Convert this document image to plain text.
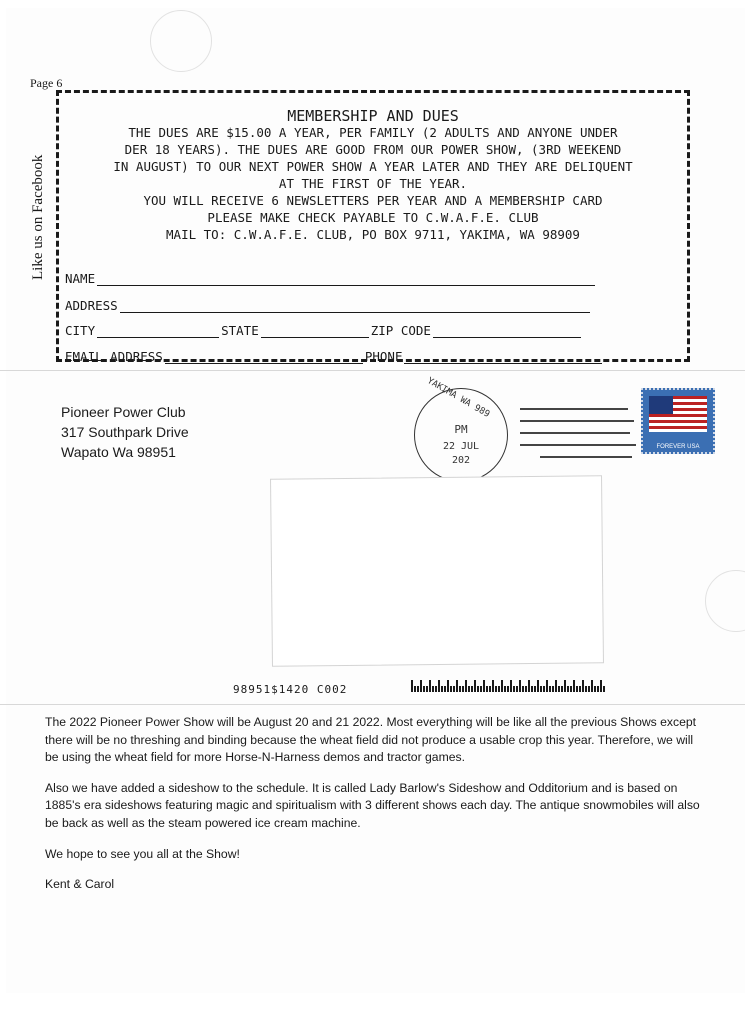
Page 6
Like us on Facebook
MEMBERSHIP AND DUES
THE DUES ARE $15.00 A YEAR, PER FAMILY (2 ADULTS AND ANYONE UNDER
DER 18 YEARS). THE DUES ARE GOOD FROM OUR POWER SHOW, (3RD WEEKEND
IN AUGUST) TO OUR NEXT POWER SHOW A YEAR LATER AND THEY ARE DELIQUENT
AT THE FIRST OF THE YEAR.
YOU WILL RECEIVE 6 NEWSLETTERS PER YEAR AND A MEMBERSHIP CARD
PLEASE MAKE CHECK PAYABLE TO C.W.A.F.E. CLUB
MAIL TO: C.W.A.F.E. CLUB, PO BOX 9711, YAKIMA, WA 98909
NAME
ADDRESS
CITY	STATE	ZIP CODE
EMAIL ADDRESS	PHONE
Pioneer Power Club
317 Southpark Drive
Wapato Wa 98951
YAKIMA WA 989
PM
22 JUL
202
FOREVER USA
98951$1420 C002

The 2022 Pioneer Power Show will be August 20 and 21 2022. Most everything will be like all the previous Shows except there will be no threshing and binding because the wheat field did not produce a usable crop this year. Therefore, we will be using the wheat field for more Horse-N-Harness demos and tractor games.

Also we have added a sideshow to the schedule. It is called Lady Barlow's Sideshow and Odditorium and is based on 1885's era sideshows featuring magic and spiritualism with 3 different shows each day. The antique snowmobiles will also be back as well as the steam powered ice cream machine.

We hope to see you all at the Show!

Kent & Carol
